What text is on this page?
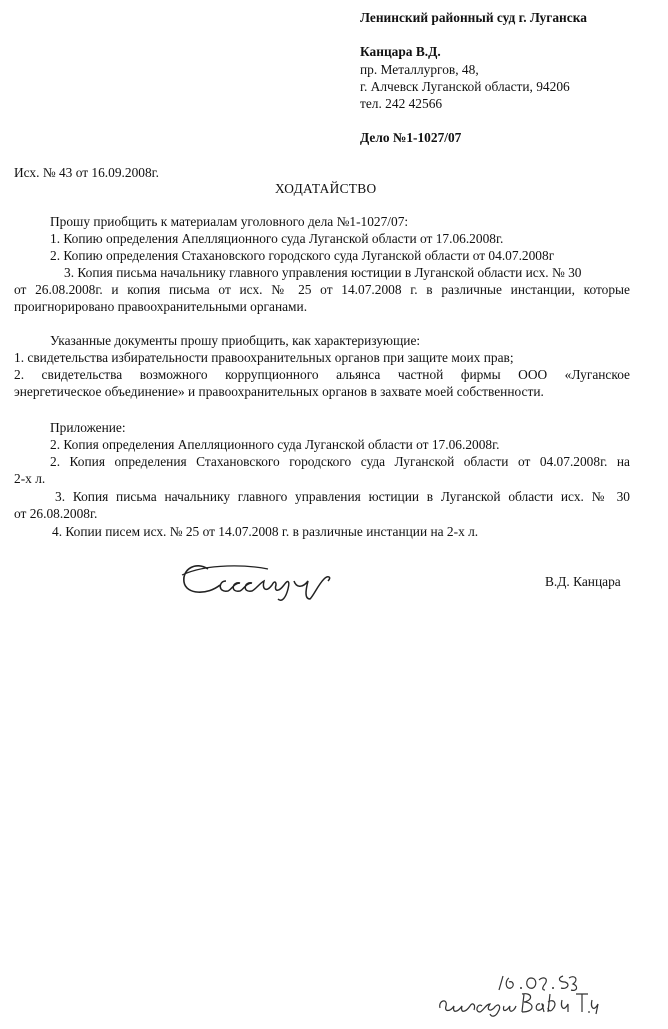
Ленинский районный суд г. Луганска
Канцара В.Д.
пр. Металлургов, 48,
г. Алчевск Луганской области, 94206
тел. 242 42566
Дело №1-1027/07
Исх. № 43 от 16.09.2008г.
ХОДАТАЙСТВО
Прошу приобщить к материалам уголовного дела №1-1027/07:
1. Копию определения Апелляционного суда Луганской области от 17.06.2008г.
2. Копию определения Стахановского городского суда Луганской области от 04.07.2008г
3. Копия письма начальнику главного управления юстиции в Луганской области исх. № 30
от 26.08.2008г. и копия письма от исх. № 25 от 14.07.2008 г. в различные инстанции, которые
проигнорировано правоохранительными органами.
Указанные документы прошу приобщить, как характеризующие:
1. свидетельства избирательности правоохранительных органов при защите моих прав;
2. свидетельства возможного коррупционного альянса частной фирмы ООО «Луганское
энергетическое объединение» и правоохранительных органов в захвате моей собственности.
Приложение:
2. Копия определения Апелляционного суда Луганской области от 17.06.2008г.
2. Копия определения Стахановского городского суда Луганской области от 04.07.2008г. на
2-х л.
3. Копия письма начальнику главного управления юстиции в Луганской области исх. № 30
от 26.08.2008г.
4. Копии писем исх. № 25 от 14.07.2008 г. в различные инстанции на 2-х л.
В.Д. Канцара
